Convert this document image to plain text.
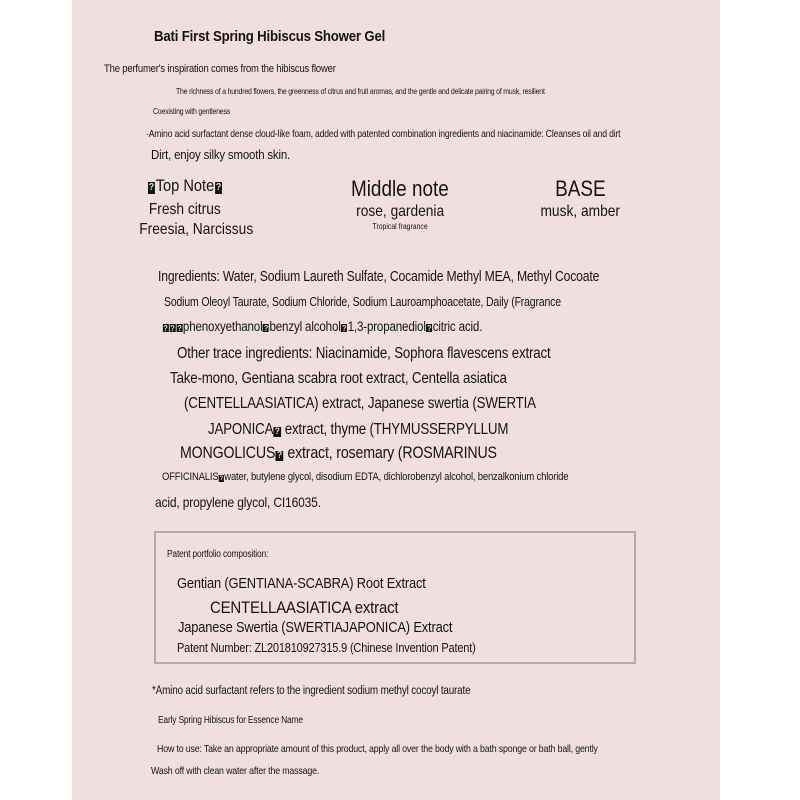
Bati First Spring Hibiscus Shower Gel
The perfumer's inspiration comes from the hibiscus flower
The richness of a hundred flowers, the greenness of citrus and fruit aromas, and the gentle and delicate pairing of musk, resilient
Coexisting with gentleness
·Amino acid surfactant dense cloud-like foam, added with patented combination ingredients and niacinamide: Cleanses oil and dirt
Dirt, enjoy silky smooth skin.
?Top Note ?
Fresh citrus
Freesia, Narcissus
Middle note
rose, gardenia
Tropical fragrance
BASE
musk, amber
Ingredients: Water, Sodium Laureth Sulfate, Cocamide Methyl MEA, Methyl Cocoate
Sodium Oleoyl Taurate, Sodium Chloride, Sodium Lauroamphoacetate, Daily (Fragrance
? ? ?phenoxyethanol?benzyl alcohol?1,3-propanediol?citric acid.
Other trace ingredients: Niacinamide, Sophora flavescens extract
Take-mono, Gentiana scabra root extract, Centella asiatica
(CENTELLAASIATICA) extract, Japanese swertia (SWERTIA
JAPONICA? extract, thyme (THYMUSSERPYLLUM
MONGOLICUS ? extract, rosemary (ROSMARINUS
OFFICINALIS?water, butylene glycol, disodium EDTA, dichlorobenzyl alcohol, benzalkonium chloride
acid, propylene glycol, CI16035.
Patent portfolio composition:
Gentian (GENTIANA-SCABRA) Root Extract
CENTELLAASIATICA extract
Japanese Swertia (SWERTIAJAPONICA) Extract
Patent Number: ZL201810927315.9 (Chinese Invention Patent)
*Amino acid surfactant refers to the ingredient sodium methyl cocoyl taurate
Early Spring Hibiscus for Essence Name
How to use: Take an appropriate amount of this product, apply all over the body with a bath sponge or bath ball, gently
Wash off with clean water after the massage.
